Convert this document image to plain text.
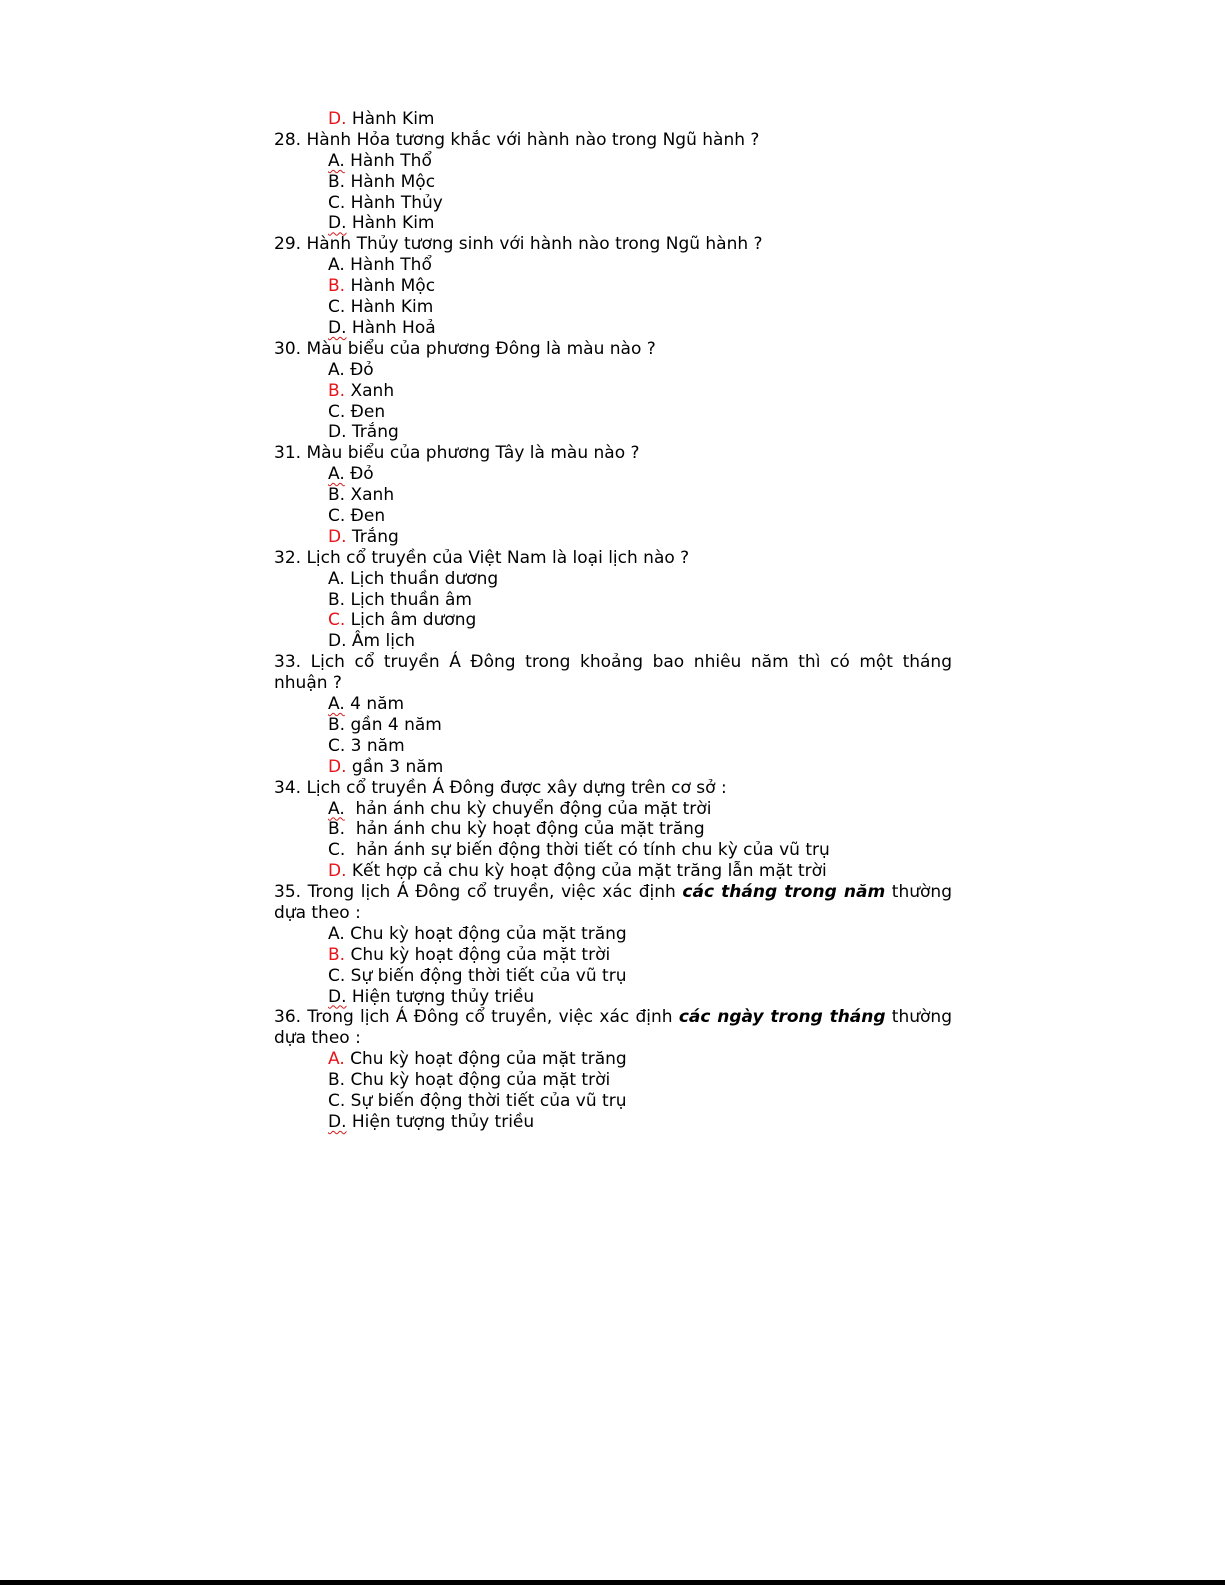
D. Hành Kim
28. Hành Hỏa tương khắc với hành nào trong Ngũ hành ?
A. Hành Thổ
B. Hành Mộc
C. Hành Thủy
D. Hành Kim
29. Hành Thủy tương sinh với hành nào trong Ngũ hành ?
A. Hành Thổ
B. Hành Mộc
C. Hành Kim
D. Hành Hoả
30. Màu biểu của phương Đông là màu nào ?
A. Đỏ
B. Xanh
C. Đen
D. Trắng
31. Màu biểu của phương Tây là màu nào ?
A. Đỏ
B. Xanh
C. Đen
D. Trắng
32. Lịch cổ truyền của Việt Nam là loại lịch nào ?
A. Lịch thuần dương
B. Lịch thuần âm
C. Lịch âm dương
D. Âm lịch
33. Lịch cổ truyền Á Đông trong khoảng bao nhiêu năm thì có một tháng nhuận ?
A. 4 năm
B. gần 4 năm
C. 3 năm
D. gần 3 năm
34. Lịch cổ truyền Á Đông được xây dựng trên cơ sở :
A.  hản ánh chu kỳ chuyển động của mặt trời
B.  hản ánh chu kỳ hoạt động của mặt trăng
C.  hản ánh sự biến động thời tiết có tính chu kỳ của vũ trụ
D. Kết hợp cả chu kỳ hoạt động của mặt trăng lẫn mặt trời
35. Trong lịch Á Đông cổ truyền, việc xác định các tháng trong năm thường dựa theo :
A. Chu kỳ hoạt động của mặt trăng
B. Chu kỳ hoạt động của mặt trời
C. Sự biến động thời tiết của vũ trụ
D. Hiện tượng thủy triều
36. Trong lịch Á Đông cổ truyền, việc xác định các ngày trong tháng thường dựa theo :
A. Chu kỳ hoạt động của mặt trăng
B. Chu kỳ hoạt động của mặt trời
C. Sự biến động thời tiết của vũ trụ
D. Hiện tượng thủy triều
